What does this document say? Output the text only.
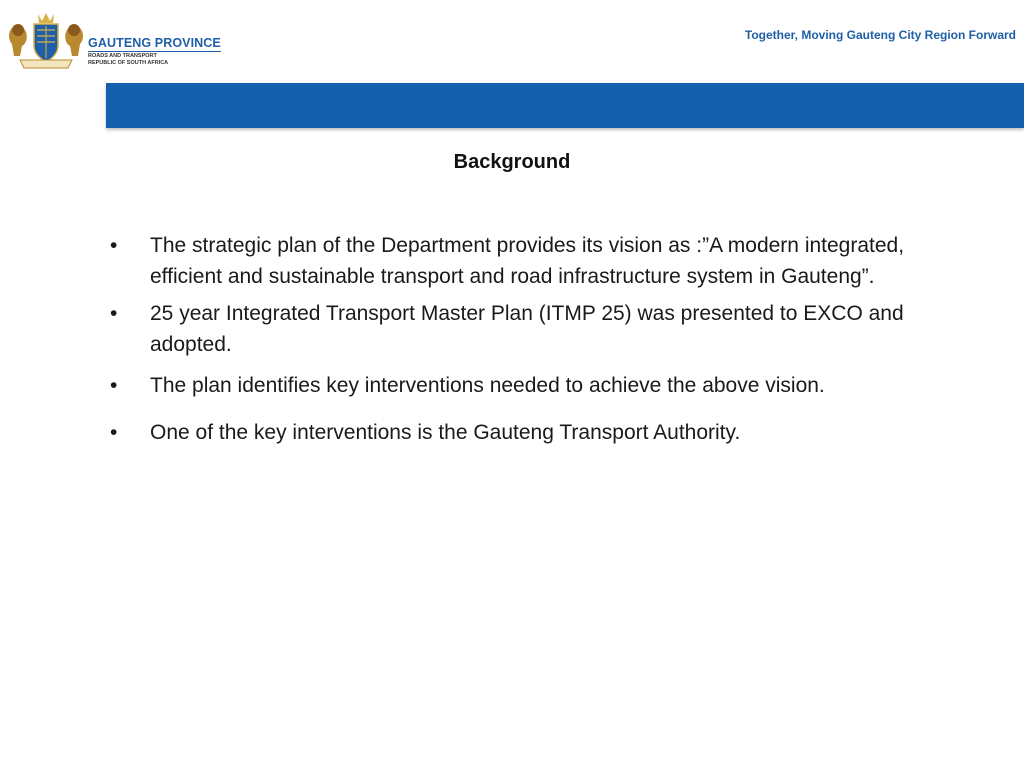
GAUTENG PROVINCE
ROADS AND TRANSPORT
REPUBLIC OF SOUTH AFRICA
Together, Moving Gauteng City Region Forward
Background
• The strategic plan of the Department provides its vision as :”A modern integrated, efficient and sustainable transport and road infrastructure system in Gauteng”.
• 25 year Integrated Transport Master Plan (ITMP 25) was presented to EXCO and adopted.
• The plan identifies key interventions needed to achieve the above vision.
• One of the key interventions is the Gauteng Transport Authority.
